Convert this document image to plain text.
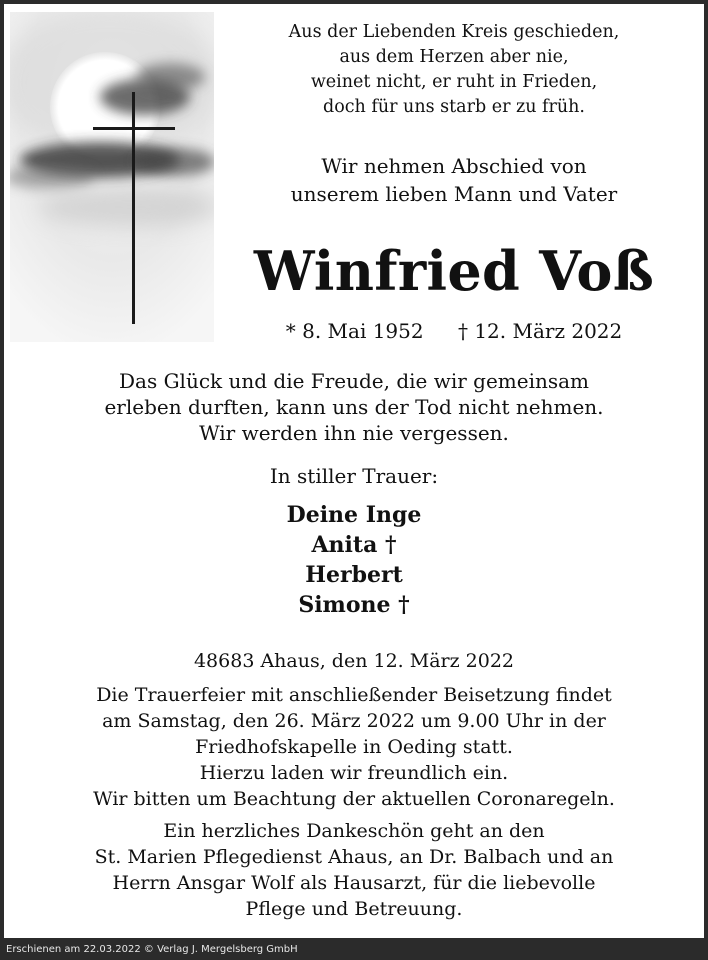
Aus der Liebenden Kreis geschieden,
aus dem Herzen aber nie,
weinet nicht, er ruht in Frieden,
doch für uns starb er zu früh.
Wir nehmen Abschied von
unserem lieben Mann und Vater
Winfried Voß
* 8. Mai 1952 † 12. März 2022
Das Glück und die Freude, die wir gemeinsam
erleben durften, kann uns der Tod nicht nehmen.
Wir werden ihn nie vergessen.
In stiller Trauer:
Deine Inge
Anita †
Herbert
Simone †
48683 Ahaus, den 12. März 2022
Die Trauerfeier mit anschließender Beisetzung findet
am Samstag, den 26. März 2022 um 9.00 Uhr in der
Friedhofskapelle in Oeding statt.
Hierzu laden wir freundlich ein.
Wir bitten um Beachtung der aktuellen Coronaregeln.
Ein herzliches Dankeschön geht an den
St. Marien Pflegedienst Ahaus, an Dr. Balbach und an
Herrn Ansgar Wolf als Hausarzt, für die liebevolle
Pflege und Betreuung.
Erschienen am 22.03.2022 © Verlag J. Mergelsberg GmbH
